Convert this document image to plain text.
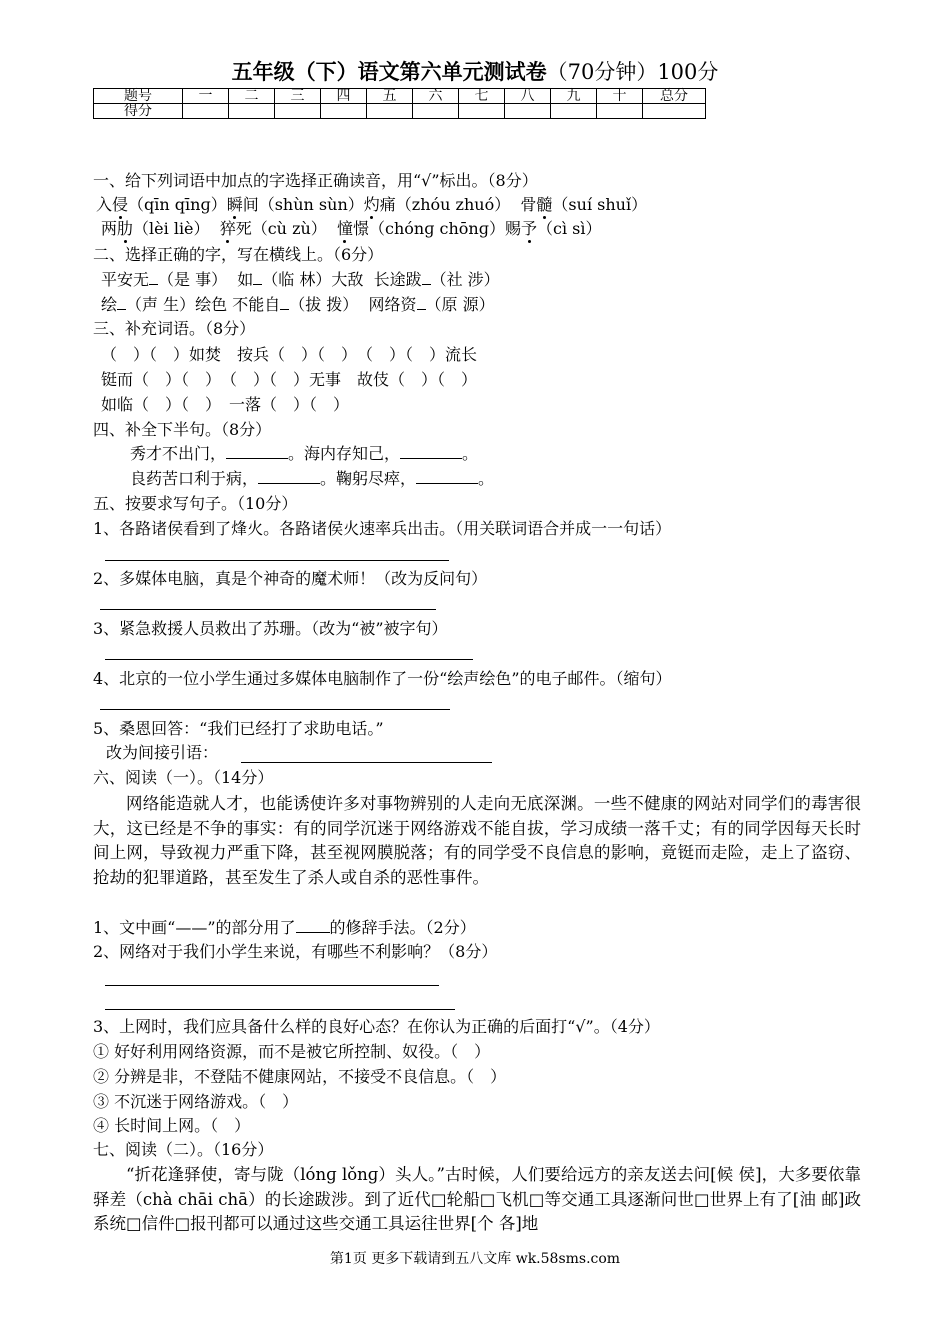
五年级（下）语文第六单元测试卷（70分钟）100分
题号	一	二	三	四	五	六	七	八	九	十	总分
得分											
一、给下列词语中加点的字选择正确读音，用“√”标出。（8分）
入侵（qīn qīnɡ）瞬间（shùn sùn）灼痛（zhóu zhuó） 骨髓（suí shuǐ）
两肋（lèi liè） 猝死（cù zù） 憧憬（chónɡ chōnɡ）赐予（cì sì）
二、选择正确的字，写在横线上。（6分）
平安无 （是 事） 如 （临 林）大敌 长途跋 （社 涉）
绘 （声 生）绘色 不能自 （拔 拨） 网络资 （原 源）
三、补充词语。（8分）
（　）（　）如焚　按兵（　）（　）　（　）（　）流长
铤而（　）（　）　（　）（　）无事　故伎（　）（　）
如临（　）（　）　一落（　）（　）
四、补全下半句。（8分）
秀才不出门，	。海内存知己，	。
良药苦口利于病，	。鞠躬尽瘁，	。
五、按要求写句子。（10分）
1、各路诸侯看到了烽火。各路诸侯火速率兵出击。（用关联词语合并成一一句话）
2、多媒体电脑，真是个神奇的魔术师！（改为反问句）
3、紧急救援人员救出了苏珊。（改为“被”被字句）
4、北京的一位小学生通过多媒体电脑制作了一份“绘声绘色”的电子邮件。（缩句）
5、桑恩回答：“我们已经打了求助电话。”
改为间接引语：
六、阅读（一）。（14分）

网络能造就人才，也能诱使许多对事物辨别的人走向无底深渊。一些不健康的网站对同学们的毒害很大，这已经是不争的事实：有的同学沉迷于网络游戏不能自拔，学习成绩一落千丈；有的同学因每天长时间上网，导致视力严重下降，甚至视网膜脱落；有的同学受不良信息的影响，竟铤而走险，走上了盗窃、抢劫的犯罪道路，甚至发生了杀人或自杀的恶性事件。

1、文中画“——”的部分用了 的修辞手法。（2分）
2、网络对于我们小学生来说，有哪些不利影响？（8分）
3、上网时，我们应具备什么样的良好心态？在你认为正确的后面打“√”。（4分）
① 好好利用网络资源，而不是被它所控制、奴役。（　）
② 分辨是非，不登陆不健康网站，不接受不良信息。（　）
③ 不沉迷于网络游戏。（　）
④ 长时间上网。（　）
七、阅读（二）。（16分）

“折花逢驿使，寄与陇（lónɡ lǒnɡ）头人。”古时候，人们要给远方的亲友送去问[候 侯]，大多要依靠驿差（chà chāi chā）的长途跋涉。到了近代□轮船□飞机□等交通工具逐渐问世□世界上有了[油 邮]政系统□信件□报刊都可以通过这些交通工具运往世界[个 各]地

第1页 更多下载请到五八文库 wk.58sms.com
